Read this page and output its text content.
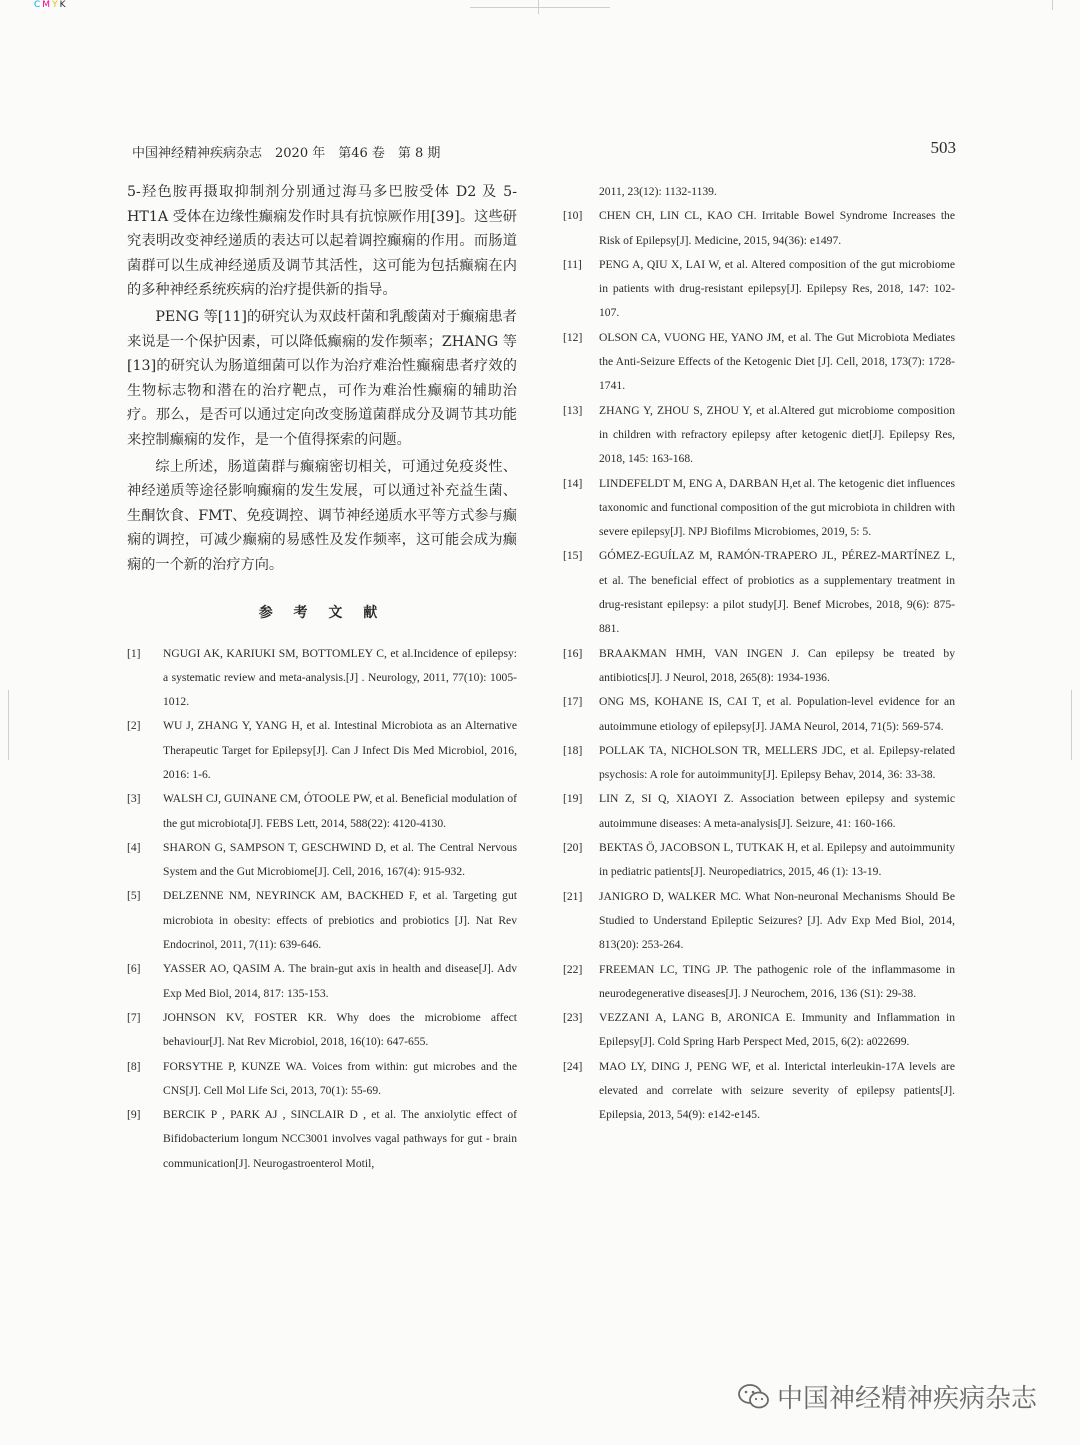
CMYK
中国神经精神疾病杂志　2020 年　第46 卷　第 8 期	503

5-羟色胺再摄取抑制剂分别通过海马多巴胺受体 D2 及 5-HT1A 受体在边缘性癫痫发作时具有抗惊厥作用[39]。这些研究表明改变神经递质的表达可以起着调控癫痫的作用。而肠道菌群可以生成神经递质及调节其活性，这可能为包括癫痫在内的多种神经系统疾病的治疗提供新的指导。

PENG 等[11]的研究认为双歧杆菌和乳酸菌对于癫痫患者来说是一个保护因素，可以降低癫痫的发作频率；ZHANG 等[13]的研究认为肠道细菌可以作为治疗难治性癫痫患者疗效的生物标志物和潜在的治疗靶点，可作为难治性癫痫的辅助治疗。那么，是否可以通过定向改变肠道菌群成分及调节其功能来控制癫痫的发作，是一个值得探索的问题。

综上所述，肠道菌群与癫痫密切相关，可通过免疫炎性、神经递质等途径影响癫痫的发生发展，可以通过补充益生菌、生酮饮食、FMT、免疫调控、调节神经递质水平等方式参与癫痫的调控，可减少癫痫的易感性及发作频率，这可能会成为癫痫的一个新的治疗方向。

参 考 文 献
[1]	NGUGI AK, KARIUKI SM, BOTTOMLEY C, et al.Incidence of epilepsy: a systematic review and meta-analysis.[J] . Neurology, 2011, 77(10): 1005-1012.
[2]	WU J, ZHANG Y, YANG H, et al. Intestinal Microbiota as an Alternative Therapeutic Target for Epilepsy[J]. Can J Infect Dis Med Microbiol, 2016, 2016: 1-6.
[3]	WALSH CJ, GUINANE CM, ÓTOOLE PW, et al. Beneficial modulation of the gut microbiota[J]. FEBS Lett, 2014, 588(22): 4120-4130.
[4]	SHARON G, SAMPSON T, GESCHWIND D, et al. The Central Nervous System and the Gut Microbiome[J]. Cell, 2016, 167(4): 915-932.
[5]	DELZENNE NM, NEYRINCK AM, BACKHED F, et al. Targeting gut microbiota in obesity: effects of prebiotics and probiotics [J]. Nat Rev Endocrinol, 2011, 7(11): 639-646.
[6]	YASSER AO, QASIM A. The brain-gut axis in health and disease[J]. Adv Exp Med Biol, 2014, 817: 135-153.
[7]	JOHNSON KV, FOSTER KR. Why does the microbiome affect behaviour[J]. Nat Rev Microbiol, 2018, 16(10): 647-655.
[8]	FORSYTHE P, KUNZE WA. Voices from within: gut microbes and the CNS[J]. Cell Mol Life Sci, 2013, 70(1): 55-69.
[9]	BERCIK P , PARK AJ , SINCLAIR D , et al. The anxiolytic effect of Bifidobacterium longum NCC3001 involves vagal pathways for gut - brain communication[J]. Neurogastroenterol Motil,
2011, 23(12): 1132-1139.
[10]	CHEN CH, LIN CL, KAO CH. Irritable Bowel Syndrome Increases the Risk of Epilepsy[J]. Medicine, 2015, 94(36): e1497.
[11]	PENG A, QIU X, LAI W, et al. Altered composition of the gut microbiome in patients with drug-resistant epilepsy[J]. Epilepsy Res, 2018, 147: 102-107.
[12]	OLSON CA, VUONG HE, YANO JM, et al. The Gut Microbiota Mediates the Anti-Seizure Effects of the Ketogenic Diet [J]. Cell, 2018, 173(7): 1728-1741.
[13]	ZHANG Y, ZHOU S, ZHOU Y, et al.Altered gut microbiome composition in children with refractory epilepsy after ketogenic diet[J]. Epilepsy Res, 2018, 145: 163-168.
[14]	LINDEFELDT M, ENG A, DARBAN H,et al. The ketogenic diet influences taxonomic and functional composition of the gut microbiota in children with severe epilepsy[J]. NPJ Biofilms Microbiomes, 2019, 5: 5.
[15]	GÓMEZ-EGUÍLAZ M, RAMÓN-TRAPERO JL, PÉREZ-MARTÍNEZ L, et al. The beneficial effect of probiotics as a supplementary treatment in drug-resistant epilepsy: a pilot study[J]. Benef Microbes, 2018, 9(6): 875-881.
[16]	BRAAKMAN HMH, VAN INGEN J. Can epilepsy be treated by antibiotics[J]. J Neurol, 2018, 265(8): 1934-1936.
[17]	ONG MS, KOHANE IS, CAI T, et al. Population-level evidence for an autoimmune etiology of epilepsy[J]. JAMA Neurol, 2014, 71(5): 569-574.
[18]	POLLAK TA, NICHOLSON TR, MELLERS JDC, et al. Epilepsy-related psychosis: A role for autoimmunity[J]. Epilepsy Behav, 2014, 36: 33-38.
[19]	LIN Z, SI Q, XIAOYI Z. Association between epilepsy and systemic autoimmune diseases: A meta-analysis[J]. Seizure, 41: 160-166.
[20]	BEKTAS Ö, JACOBSON L, TUTKAK H, et al. Epilepsy and autoimmunity in pediatric patients[J]. Neuropediatrics, 2015, 46 (1): 13-19.
[21]	JANIGRO D, WALKER MC. What Non-neuronal Mechanisms Should Be Studied to Understand Epileptic Seizures? [J]. Adv Exp Med Biol, 2014, 813(20): 253-264.
[22]	FREEMAN LC, TING JP. The pathogenic role of the inflammasome in neurodegenerative diseases[J]. J Neurochem, 2016, 136 (S1): 29-38.
[23]	VEZZANI A, LANG B, ARONICA E. Immunity and Inflammation in Epilepsy[J]. Cold Spring Harb Perspect Med, 2015, 6(2): a022699.
[24]	MAO LY, DING J, PENG WF, et al. Interictal interleukin-17A levels are elevated and correlate with seizure severity of epilepsy patients[J]. Epilepsia, 2013, 54(9): e142-e145.
中国神经精神疾病杂志
